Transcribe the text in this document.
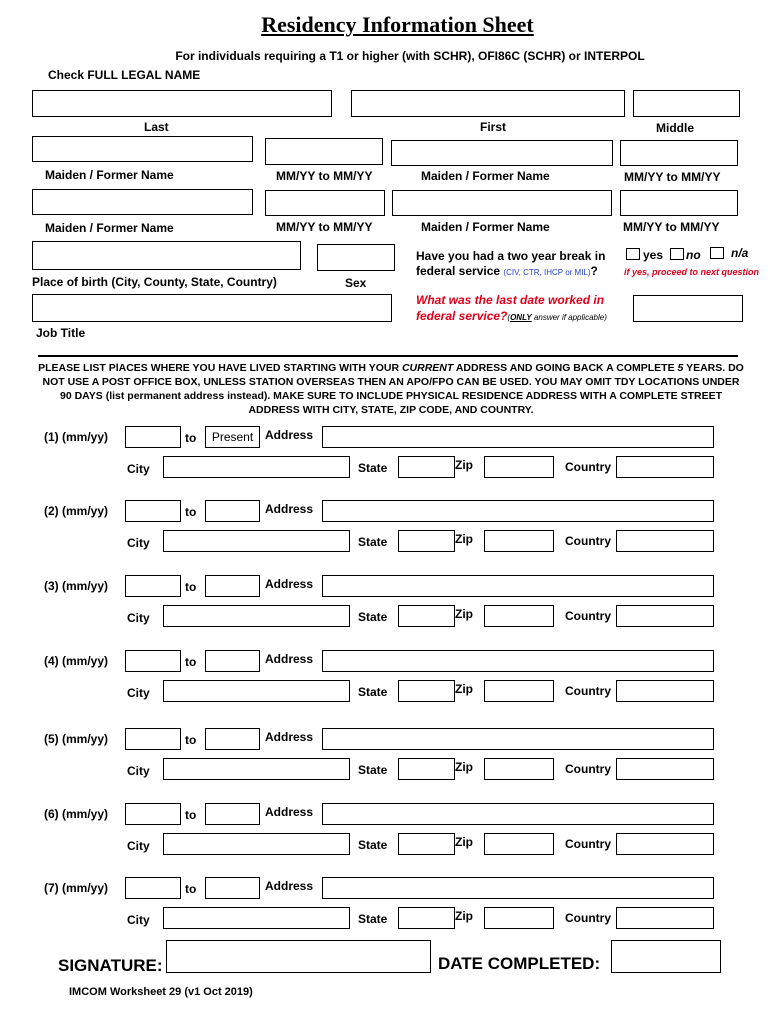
Residency Information Sheet
For individuals requiring a T1 or higher (with SCHR), OFI86C (SCHR) or INTERPOL
Check FULL LEGAL NAME
Last	First	Middle
Maiden / Former Name	MM/YY to MM/YY	Maiden / Former Name	MM/YY to MM/YY
Maiden / Former Name	MM/YY to MM/YY	Maiden / Former Name	MM/YY to MM/YY
Place of birth (City, County, State, Country)	Sex
Have you had a two year break in
federal service (CIV, CTR, IHCP or MIL)?
yes no	n/a
if yes, proceed to next question
Job Title
What was the last date worked in
federal service?(ONLY answer if applicable)
PLEASE LIST PlACES WHERE YOU HAVE LIVED STARTING WITH YOUR CURRENT ADDRESS AND GOING BACK A COMPLETE 5 YEARS. DO NOT USE A POST OFFICE BOX, UNLESS STATION OVERSEAS THEN AN APO/FPO CAN BE USED. YOU MAY OMIT TDY LOCATIONS UNDER 90 DAYS (list permanent address instead). MAKE SURE TO INCLUDE PHYSICAL RESIDENCE ADDRESS WITH A COMPLETE STREET ADDRESS WITH CITY, STATE, ZIP CODE, AND COUNTRY.
(1) (mm/yy)	to	Present Address
City	State	Zip	Country
(2) (mm/yy)	to	Address
City	State	Zip	Country
(3) (mm/yy)	to	Address
City	State	Zip	Country
(4) (mm/yy)	to	Address
City	State	Zip	Country
(5) (mm/yy)	to	Address
City	State	Zip	Country
(6) (mm/yy)	to	Address
City	State	Zip	Country
(7) (mm/yy)	to	Address
City	State	Zip	Country
SIGNATURE:	DATE COMPLETED:
IMCOM Worksheet 29 (v1 Oct 2019)
